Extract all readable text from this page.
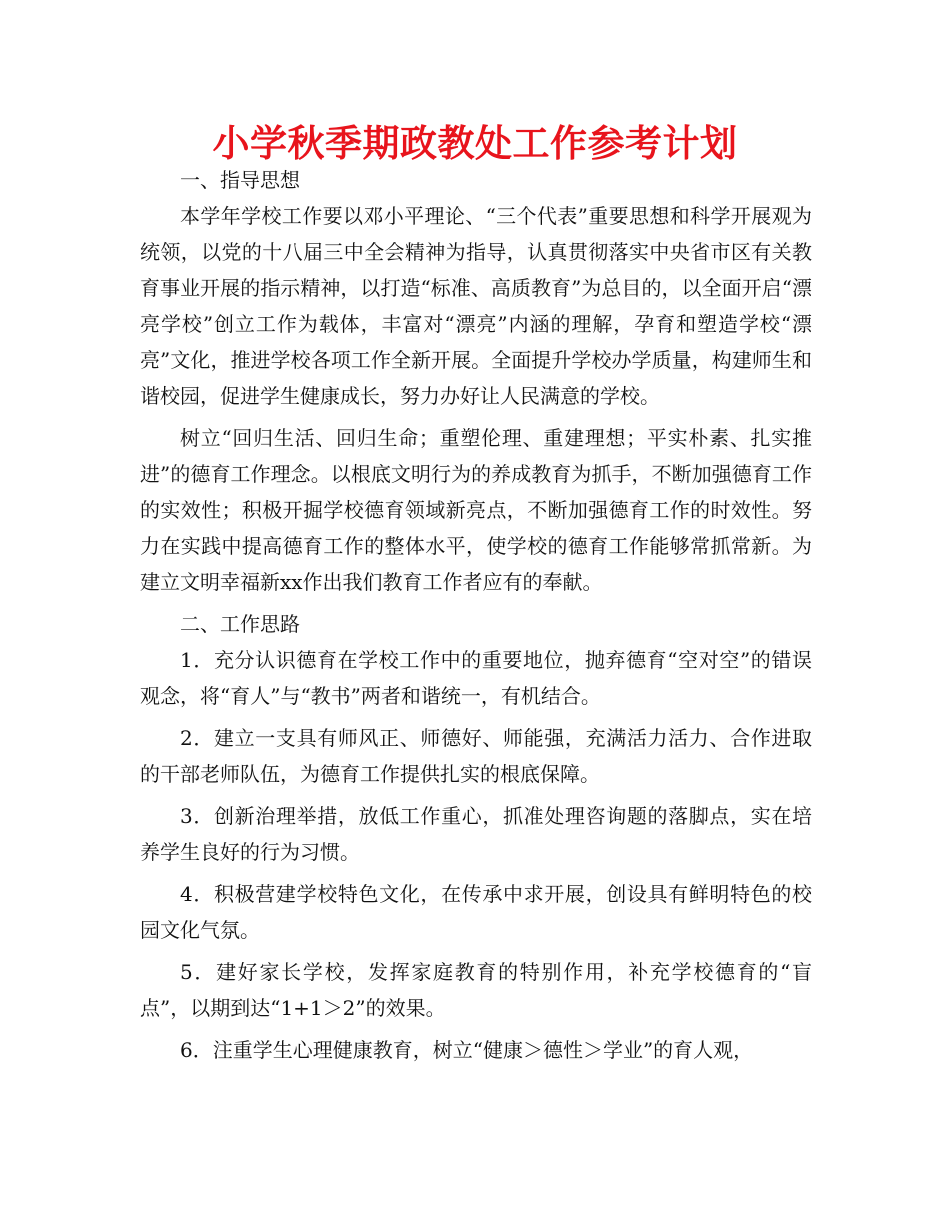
小学秋季期政教处工作参考计划

一、指导思想

本学年学校工作要以邓小平理论、“三个代表”重要思想和科学开展观为统领，以党的十八届三中全会精神为指导，认真贯彻落实中央省市区有关教育事业开展的指示精神，以打造“标准、高质教育”为总目的，以全面开启“漂亮学校”创立工作为载体，丰富对“漂亮”内涵的理解，孕育和塑造学校“漂亮”文化，推进学校各项工作全新开展。全面提升学校办学质量，构建师生和谐校园，促进学生健康成长，努力办好让人民满意的学校。

树立“回归生活、回归生命；重塑伦理、重建理想；平实朴素、扎实推进”的德育工作理念。以根底文明行为的养成教育为抓手，不断加强德育工作的实效性；积极开掘学校德育领域新亮点，不断加强德育工作的时效性。努力在实践中提高德育工作的整体水平，使学校的德育工作能够常抓常新。为建立文明幸福新xx作出我们教育工作者应有的奉献。

二、工作思路

1．充分认识德育在学校工作中的重要地位，抛弃德育“空对空”的错误观念，将“育人”与“教书”两者和谐统一，有机结合。

2．建立一支具有师风正、师德好、师能强，充满活力活力、合作进取的干部老师队伍，为德育工作提供扎实的根底保障。

3．创新治理举措，放低工作重心，抓准处理咨询题的落脚点，实在培养学生良好的行为习惯。

4．积极营建学校特色文化，在传承中求开展，创设具有鲜明特色的校园文化气氛。

5．建好家长学校，发挥家庭教育的特别作用，补充学校德育的“盲点”，以期到达“1+1＞2”的效果。

6．注重学生心理健康教育，树立“健康＞德性＞学业”的育人观，
